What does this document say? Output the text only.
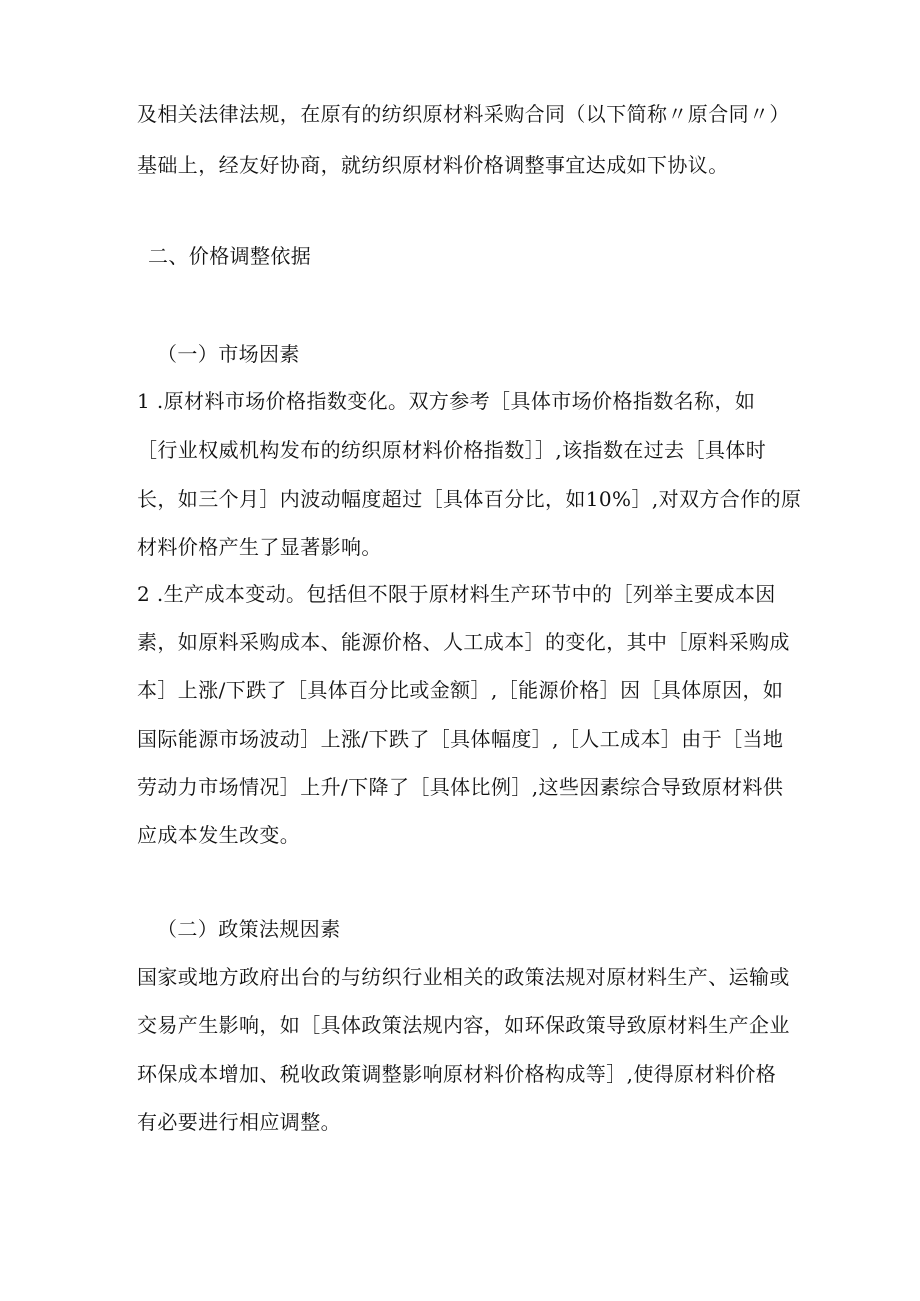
及相关法律法规，在原有的纺织原材料采购合同（以下简称〃原合同〃）
基础上，经友好协商，就纺织原材料价格调整事宜达成如下协议。
二、价格调整依据
（一）市场因素
1 .原材料市场价格指数变化。双方参考［具体市场价格指数名称，如
［行业权威机构发布的纺织原材料价格指数］］,该指数在过去［具体时
长，如三个月］内波动幅度超过［具体百分比，如10%］,对双方合作的原
材料价格产生了显著影响。
2 .生产成本变动。包括但不限于原材料生产环节中的［列举主要成本因
素，如原料采购成本、能源价格、人工成本］的变化，其中［原料采购成
本］上涨/下跌了［具体百分比或金额］,［能源价格］因［具体原因，如
国际能源市场波动］上涨/下跌了［具体幅度］,［人工成本］由于［当地
劳动力市场情况］上升/下降了［具体比例］,这些因素综合导致原材料供
应成本发生改变。
（二）政策法规因素
国家或地方政府出台的与纺织行业相关的政策法规对原材料生产、运输或
交易产生影响，如［具体政策法规内容，如环保政策导致原材料生产企业
环保成本增加、税收政策调整影响原材料价格构成等］,使得原材料价格
有必要进行相应调整。
